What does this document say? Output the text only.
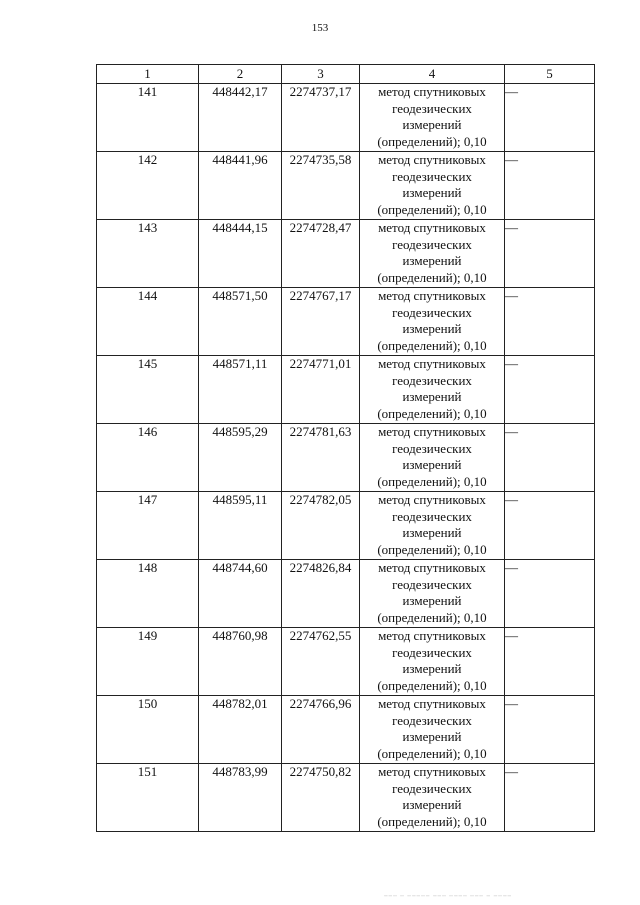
153
1	2	3	4	5
141	448442,17	2274737,17	метод спутниковых
геодезических
измерений
(определений); 0,10	—
142	448441,96	2274735,58	метод спутниковых
геодезических
измерений
(определений); 0,10	—
143	448444,15	2274728,47	метод спутниковых
геодезических
измерений
(определений); 0,10	—
144	448571,50	2274767,17	метод спутниковых
геодезических
измерений
(определений); 0,10	—
145	448571,11	2274771,01	метод спутниковых
геодезических
измерений
(определений); 0,10	—
146	448595,29	2274781,63	метод спутниковых
геодезических
измерений
(определений); 0,10	—
147	448595,11	2274782,05	метод спутниковых
геодезических
измерений
(определений); 0,10	—
148	448744,60	2274826,84	метод спутниковых
геодезических
измерений
(определений); 0,10	—
149	448760,98	2274762,55	метод спутниковых
геодезических
измерений
(определений); 0,10	—
150	448782,01	2274766,96	метод спутниковых
геодезических
измерений
(определений); 0,10	—
151	448783,99	2274750,82	метод спутниковых
геодезических
измерений
(определений); 0,10	—
┈┈┈ ┈ ┈┈┈┈┈ ┈┈┈ ┈┈┈┈ ┈┈┈ ┈ ┈┈┈┈
